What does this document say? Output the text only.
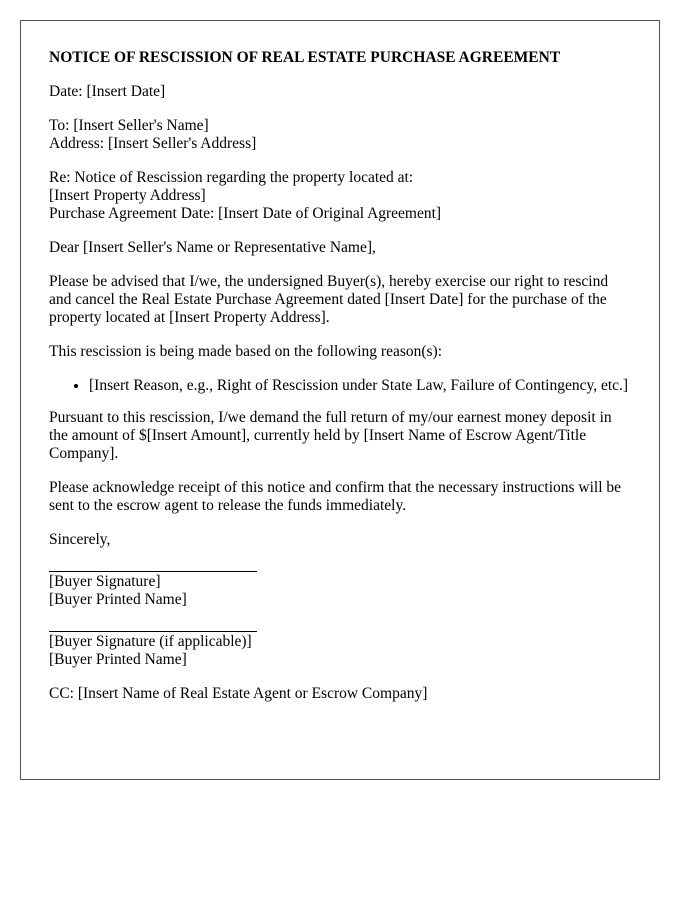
NOTICE OF RESCISSION OF REAL ESTATE PURCHASE AGREEMENT
Date: [Insert Date]
To: [Insert Seller's Name]
Address: [Insert Seller's Address]
Re: Notice of Rescission regarding the property located at:
[Insert Property Address]
Purchase Agreement Date: [Insert Date of Original Agreement]
Dear [Insert Seller's Name or Representative Name],
Please be advised that I/we, the undersigned Buyer(s), hereby exercise our right to rescind and cancel the Real Estate Purchase Agreement dated [Insert Date] for the purchase of the property located at [Insert Property Address].
This rescission is being made based on the following reason(s):
• [Insert Reason, e.g., Right of Rescission under State Law, Failure of Contingency, etc.]
Pursuant to this rescission, I/we demand the full return of my/our earnest money deposit in the amount of $[Insert Amount], currently held by [Insert Name of Escrow Agent/Title Company].
Please acknowledge receipt of this notice and confirm that the necessary instructions will be sent to the escrow agent to release the funds immediately.
Sincerely,
[Buyer Signature]
[Buyer Printed Name]
[Buyer Signature (if applicable)]
[Buyer Printed Name]
CC: [Insert Name of Real Estate Agent or Escrow Company]
